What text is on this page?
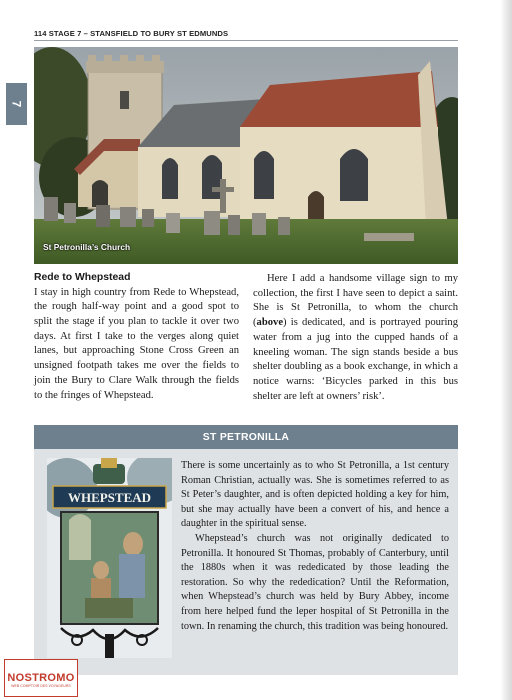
114 STAGE 7 – STANSFIELD TO BURY ST EDMUNDS
7
St Petronilla’s Church
Rede to Whepstead
I stay in high country from Rede to Whepstead, the rough half-way point and a good spot to split the stage if you plan to tackle it over two days. At first I take to the verges along quiet lanes, but approaching Stone Cross Green an unsigned footpath takes me over the fields to join the Bury to Clare Walk through the fields to the fringes of Whepstead.
Here I add a handsome village sign to my collection, the first I have seen to depict a saint. She is St Petronilla, to whom the church (above) is dedicated, and is portrayed pouring water from a jug into the cupped hands of a kneeling woman. The sign stands beside a bus shelter doubling as a book exchange, in which a notice warns: ‘Bicycles parked in this bus shelter are left at owners’ risk’.
ST PETRONILLA
WHEPSTEAD
There is some uncertainly as to who St Petronilla, a 1st century Roman Christian, actually was. She is sometimes referred to as St Peter’s daughter, and is often depicted holding a key for him, but she may actually have been a convert of his, and hence a daughter in the spiritual sense.
Whepstead’s church was not originally dedicated to Petronilla. It honoured St Thomas, probably of Canterbury, until the 1880s when it was rededicated by those leading the restoration. So why the rededication? Until the Reformation, when Whepstead’s church was held by Bury Abbey, income from here helped fund the leper hospital of St Petronilla in the town. In renaming the church, this tradition was being honoured.
NOSTROMO
WEB COMPTOIR DES VOYAGEURS
